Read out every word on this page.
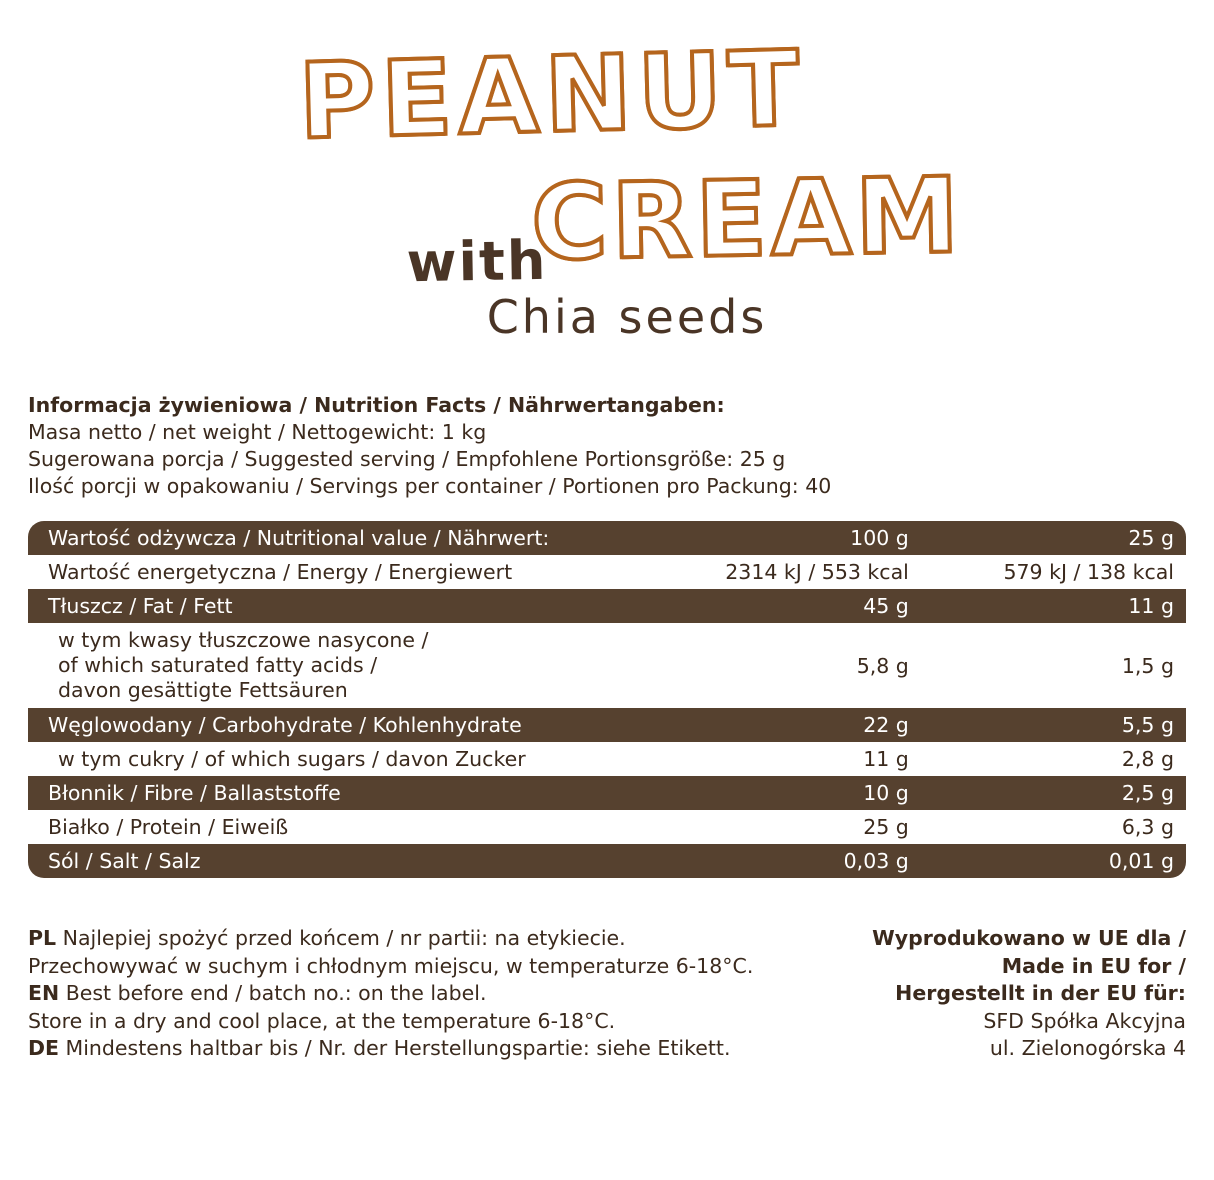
PEANUT
CREAM
with
Chia seeds
Informacja żywieniowa / Nutrition Facts / Nährwertangaben:
Masa netto / net weight / Nettogewicht: 1 kg
Sugerowana porcja / Suggested serving / Empfohlene Portionsgröße: 25 g
Ilość porcji w opakowaniu / Servings per container / Portionen pro Packung: 40
Wartość odżywcza / Nutritional value / Nährwert:	100 g	25 g
Wartość energetyczna / Energy / Energiewert	2314 kJ / 553 kcal	579 kJ / 138 kcal
Tłuszcz / Fat / Fett	45 g	11 g
w tym kwasy tłuszczowe nasycone /
of which saturated fatty acids /
davon gesättigte Fettsäuren	5,8 g	1,5 g
Węglowodany / Carbohydrate / Kohlenhydrate	22 g	5,5 g
w tym cukry / of which sugars / davon Zucker	11 g	2,8 g
Błonnik / Fibre / Ballaststoffe	10 g	2,5 g
Białko / Protein / Eiweiß	25 g	6,3 g
Sól / Salt / Salz	0,03 g	0,01 g
PL Najlepiej spożyć przed końcem / nr partii: na etykiecie.
Przechowywać w suchym i chłodnym miejscu, w temperaturze 6-18°C.
EN Best before end / batch no.: on the label.
Store in a dry and cool place, at the temperature 6-18°C.
DE Mindestens haltbar bis / Nr. der Herstellungspartie: siehe Etikett.
Wyprodukowano w UE dla /
Made in EU for /
Hergestellt in der EU für:
SFD Spółka Akcyjna
ul. Zielonogórska 4
